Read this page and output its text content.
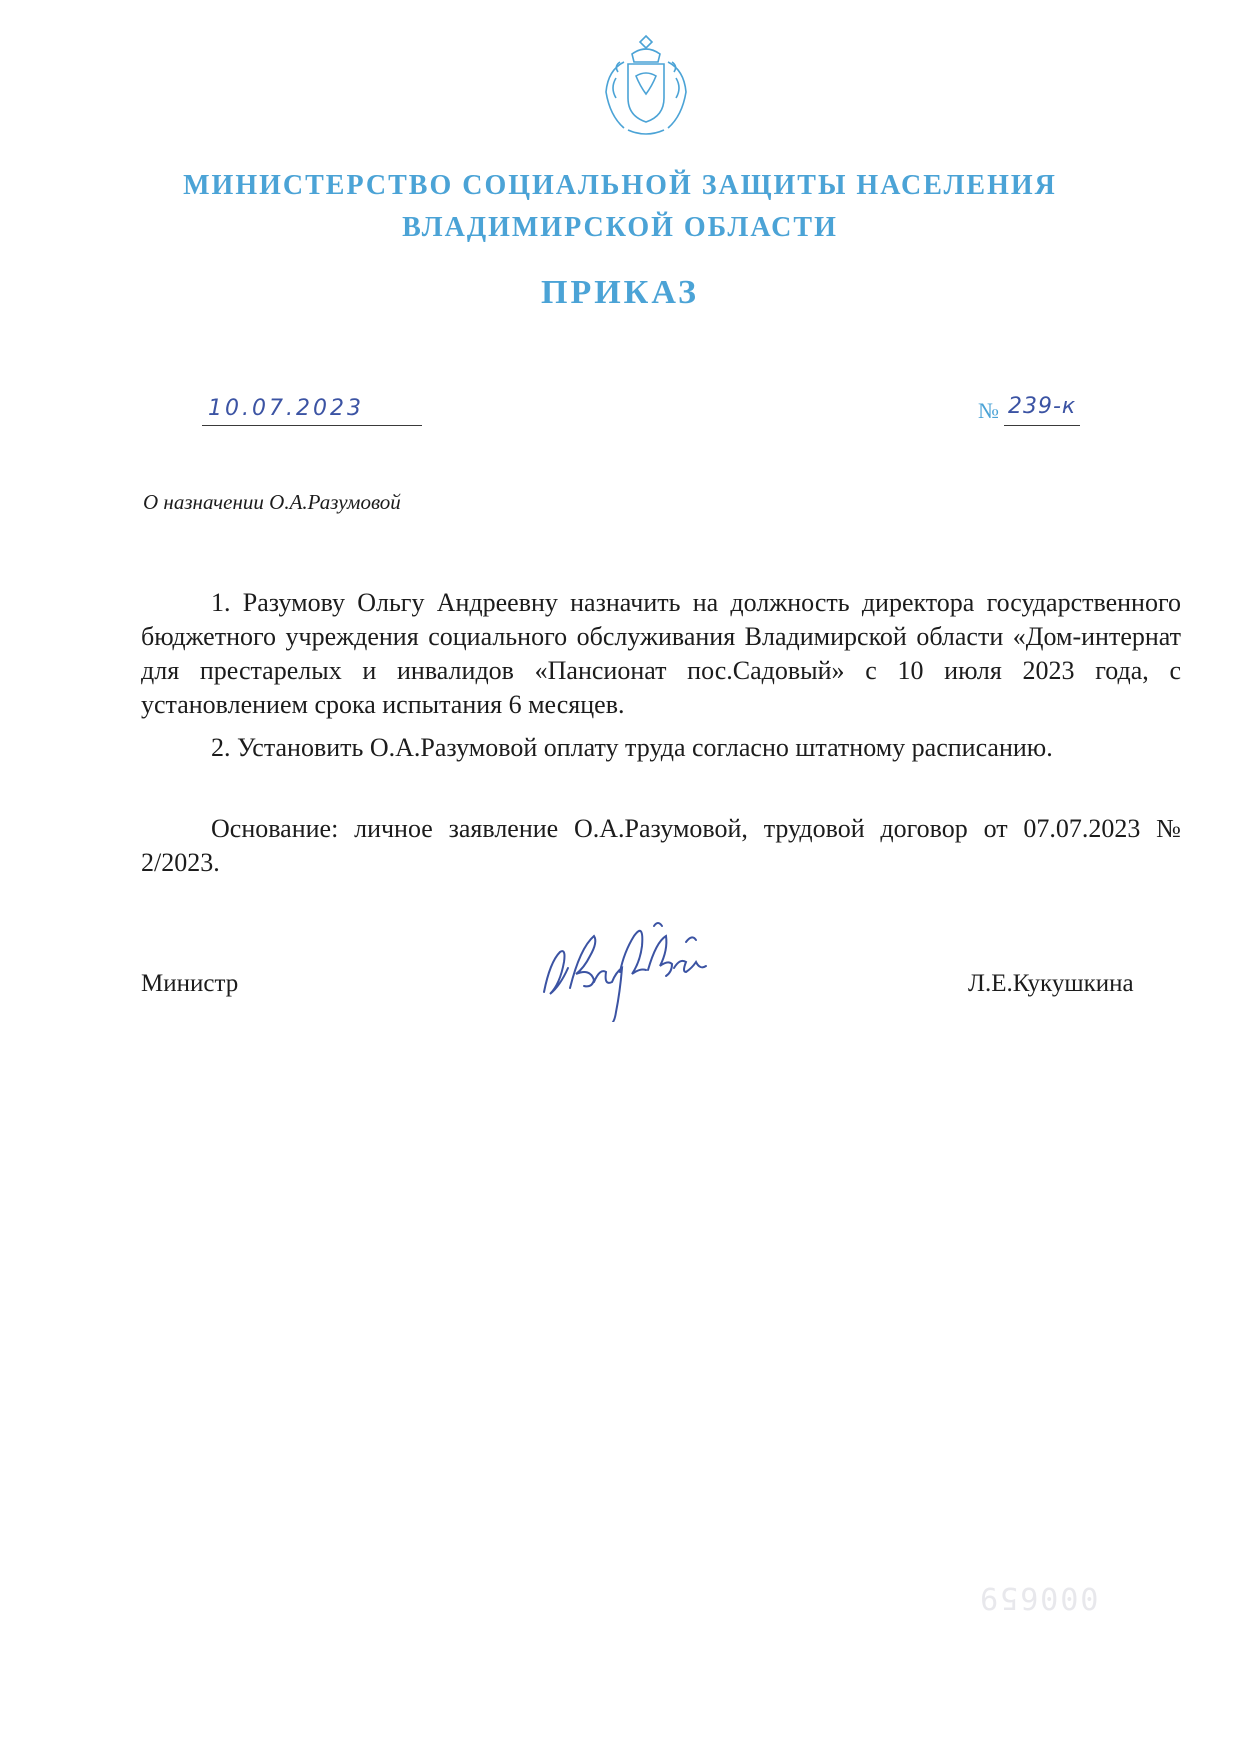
МИНИСТЕРСТВО СОЦИАЛЬНОЙ ЗАЩИТЫ НАСЕЛЕНИЯ
ВЛАДИМИРСКОЙ ОБЛАСТИ
ПРИКАЗ
10.07.2023	№ 239-к
О назначении О.А.Разумовой
1. Разумову Ольгу Андреевну назначить на должность директора государственного бюджетного учреждения социального обслуживания Владимирской области «Дом-интернат для престарелых и инвалидов «Пансионат пос.Садовый» с 10 июля 2023 года, с установлением срока испытания 6 месяцев.
2. Установить О.А.Разумовой оплату труда согласно штатному расписанию.
Основание: личное заявление О.А.Разумовой, трудовой договор от 07.07.2023 № 2/2023.
Министр	Л.Е.Кукушкина
000659
